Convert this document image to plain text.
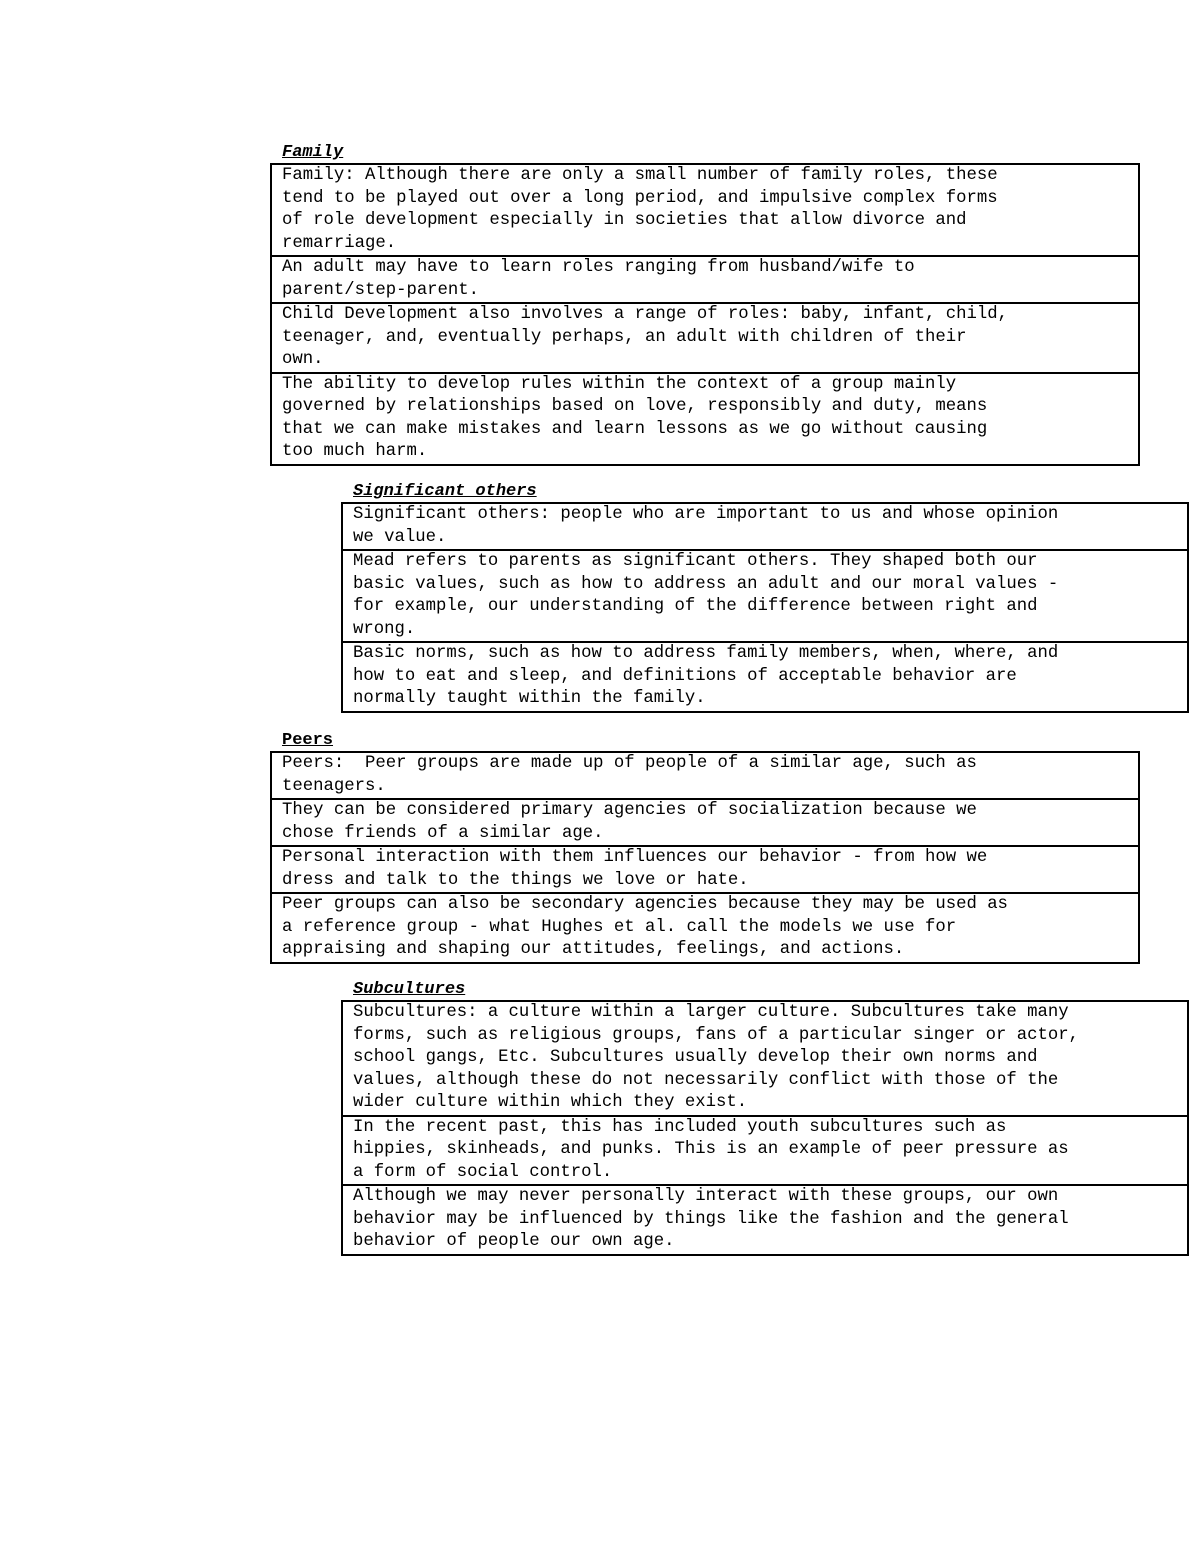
Family
Family: Although there are only a small number of family roles, these
tend to be played out over a long period, and impulsive complex forms
of role development especially in societies that allow divorce and
remarriage.
An adult may have to learn roles ranging from husband/wife to
parent/step-parent.
Child Development also involves a range of roles: baby, infant, child,
teenager, and, eventually perhaps, an adult with children of their
own.
The ability to develop rules within the context of a group mainly
governed by relationships based on love, responsibly and duty, means
that we can make mistakes and learn lessons as we go without causing
too much harm.
Significant others
Significant others: people who are important to us and whose opinion
we value.
Mead refers to parents as significant others. They shaped both our
basic values, such as how to address an adult and our moral values -
for example, our understanding of the difference between right and
wrong.
Basic norms, such as how to address family members, when, where, and
how to eat and sleep, and definitions of acceptable behavior are
normally taught within the family.
Peers
Peers:  Peer groups are made up of people of a similar age, such as
teenagers.
They can be considered primary agencies of socialization because we
chose friends of a similar age.
Personal interaction with them influences our behavior - from how we
dress and talk to the things we love or hate.
Peer groups can also be secondary agencies because they may be used as
a reference group - what Hughes et al. call the models we use for
appraising and shaping our attitudes, feelings, and actions.
Subcultures
Subcultures: a culture within a larger culture. Subcultures take many
forms, such as religious groups, fans of a particular singer or actor,
school gangs, Etc. Subcultures usually develop their own norms and
values, although these do not necessarily conflict with those of the
wider culture within which they exist.
In the recent past, this has included youth subcultures such as
hippies, skinheads, and punks. This is an example of peer pressure as
a form of social control.
Although we may never personally interact with these groups, our own
behavior may be influenced by things like the fashion and the general
behavior of people our own age.
